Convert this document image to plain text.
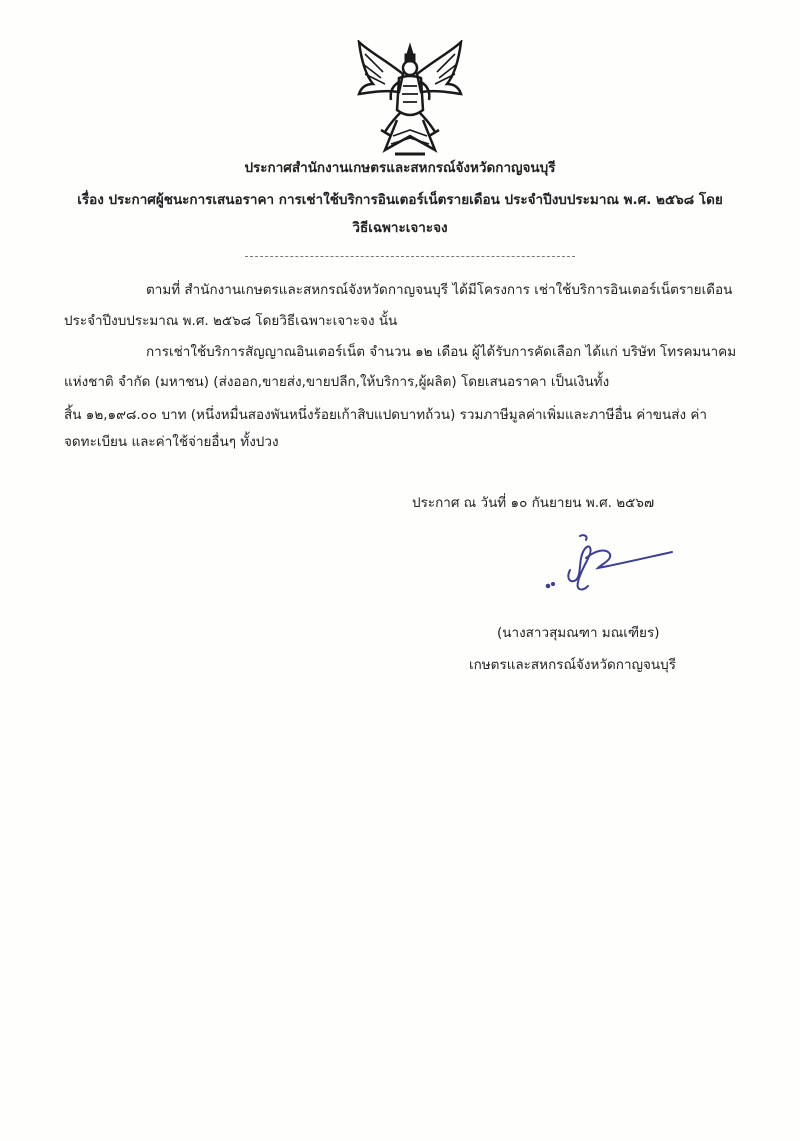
ประกาศสำนักงานเกษตรและสหกรณ์จังหวัดกาญจนบุรี
เรื่อง ประกาศผู้ชนะการเสนอราคา การเช่าใช้บริการอินเตอร์เน็ตรายเดือน ประจำปีงบประมาณ พ.ศ. ๒๕๖๘ โดย
วิธีเฉพาะเจาะจง
ตามที่ สำนักงานเกษตรและสหกรณ์จังหวัดกาญจนบุรี ได้มีโครงการ เช่าใช้บริการอินเตอร์เน็ตรายเดือน
ประจำปีงบประมาณ พ.ศ. ๒๕๖๘ โดยวิธีเฉพาะเจาะจง นั้น
การเช่าใช้บริการสัญญาณอินเตอร์เน็ต จำนวน ๑๒ เดือน ผู้ได้รับการคัดเลือก ได้แก่ บริษัท โทรคมนาคม
แห่งชาติ จำกัด (มหาชน) (ส่งออก,ขายส่ง,ขายปลีก,ให้บริการ,ผู้ผลิต) โดยเสนอราคา เป็นเงินทั้ง
สิ้น ๑๒,๑๙๘.๐๐ บาท (หนึ่งหมื่นสองพันหนึ่งร้อยเก้าสิบแปดบาทถ้วน) รวมภาษีมูลค่าเพิ่มและภาษีอื่น ค่าขนส่ง ค่า
จดทะเบียน และค่าใช้จ่ายอื่นๆ ทั้งปวง
ประกาศ ณ วันที่ ๑๐ กันยายน พ.ศ. ๒๕๖๗
(นางสาวสุมณฑา มณเฑียร)
เกษตรและสหกรณ์จังหวัดกาญจนบุรี
